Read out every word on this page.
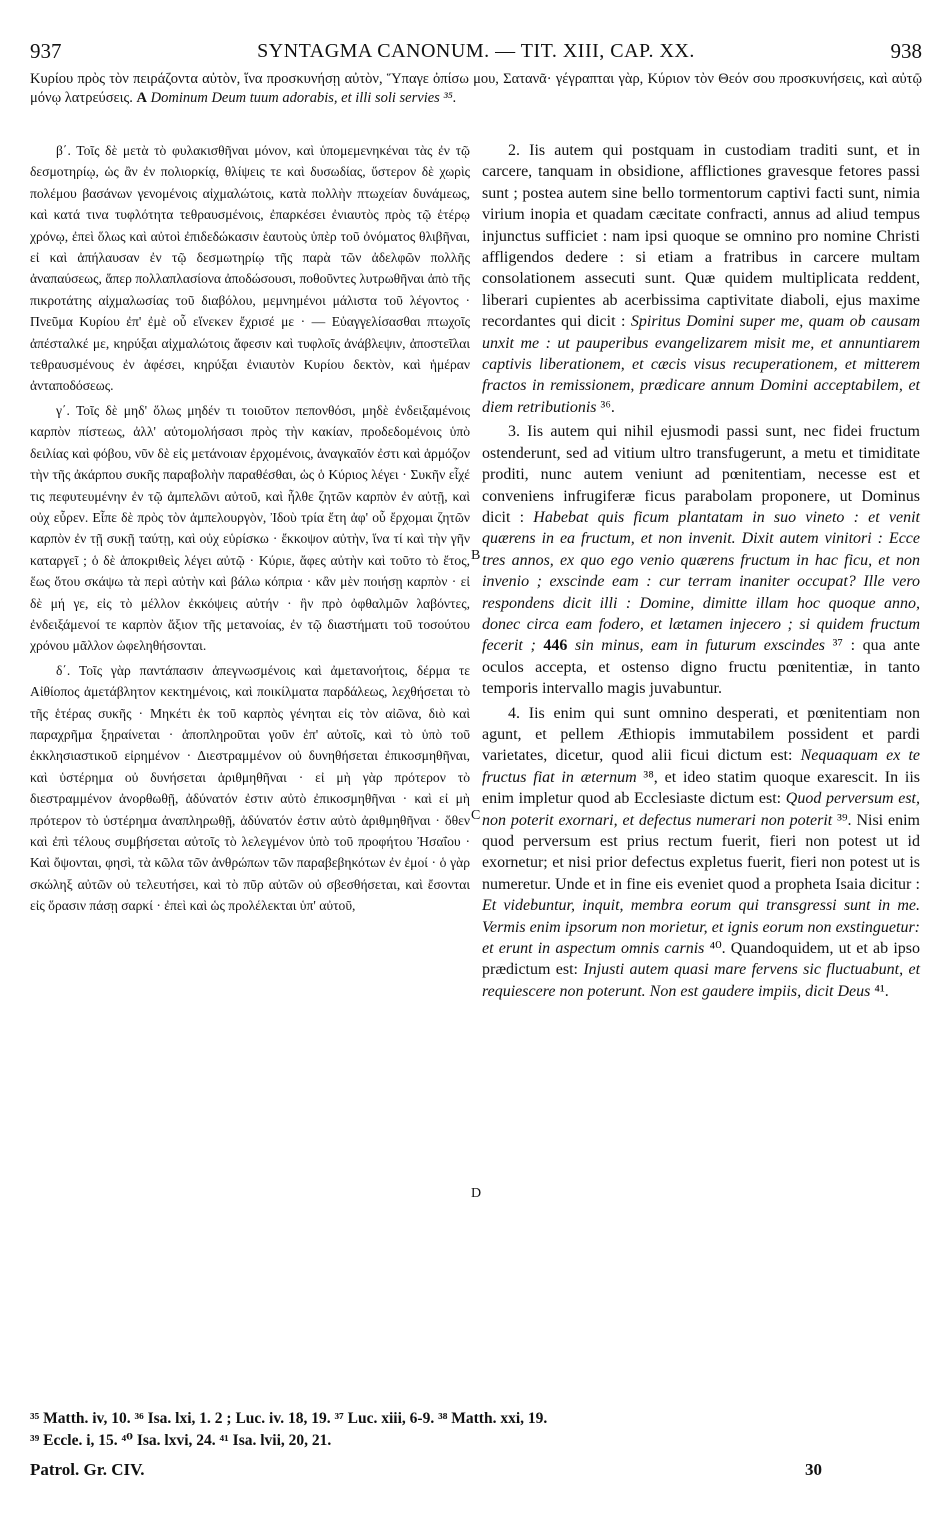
937	SYNTAGMA CANONUM. — TIT. XIII, CAP. XX.	938
Κυρίου πρὸς τὸν πειράζοντα αὐτὸν, ἵνα προσκυνήσῃ αὐτὸν, Ὕπαγε ὀπίσω μου, Σατανᾶ· γέγραπται γὰρ, Κύριον τὸν Θεόν σου προσκυνήσεις, καὶ αὐτῷ μόνῳ λατρεύσεις. A Dominum Deum tuum adorabis, et illi soli servies ³⁵.

β΄. Τοῖς δὲ μετὰ τὸ φυλακισθῆναι μόνον, καὶ ὑπομεμενηκέναι τὰς ἐν τῷ δεσμοτηρίῳ, ὡς ἂν ἐν πολιορκίᾳ, θλίψεις τε καὶ δυσωδίας, ὕστερον δὲ χωρὶς πολέμου βασάνων γενομένοις αἰχμαλώτοις, κατὰ πολλὴν πτωχείαν δυνάμεως, καὶ κατά τινα τυφλότητα τεθραυσμένοις, ἐπαρκέσει ἐνιαυτὸς πρὸς τῷ ἑτέρῳ χρόνῳ, ἐπεὶ ὅλως καὶ αὐτοὶ ἐπιδεδώκασιν ἑαυτοὺς ὑπὲρ τοῦ ὀνόματος θλιβῆναι, εἰ καὶ ἀπήλαυσαν ἐν τῷ δεσμωτηρίῳ τῆς παρὰ τῶν ἀδελφῶν πολλῆς ἀναπαύσεως, ἅπερ πολλαπλασίονα ἀποδώσουσι, ποθοῦντες λυτρωθῆναι ἀπὸ τῆς πικροτάτης αἰχμαλωσίας τοῦ διαβόλου, μεμνημένοι μάλιστα τοῦ λέγοντος · Πνεῦμα Κυρίου ἐπ' ἐμὲ οὗ εἵνεκεν ἔχρισέ με · — Εὐαγγελίσασθαι πτωχοῖς ἀπέσταλκέ με, κηρύξαι αἰχμαλώτοις ἄφεσιν καὶ τυφλοῖς ἀνάβλεψιν, ἀποστεῖλαι τεθραυσμένους ἐν ἀφέσει, κηρύξαι ἐνιαυτὸν Κυρίου δεκτὸν, καὶ ἡμέραν ἀνταποδόσεως.

γ΄. Τοῖς δὲ μηδ' ὅλως μηδέν τι τοιοῦτον πεπονθόσι, μηδὲ ἐνδειξαμένοις καρπὸν πίστεως, ἀλλ' αὐτομολήσασι πρὸς τὴν κακίαν, προδεδομένοις ὑπὸ δειλίας καὶ φόβου, νῦν δὲ εἰς μετάνοιαν ἐρχομένοις, ἀναγκαῖόν ἐστι καὶ ἁρμόζον τὴν τῆς ἀκάρπου συκῆς παραβολὴν παραθέσθαι, ὡς ὁ Κύριος λέγει · Συκῆν εἶχέ τις πεφυτευμένην ἐν τῷ ἀμπελῶνι αὐτοῦ, καὶ ἦλθε ζητῶν καρπὸν ἐν αὐτῇ, καὶ οὐχ εὗρεν. Εἶπε δὲ πρὸς τὸν ἀμπελουργὸν, Ἰδοὺ τρία ἔτη ἀφ' οὗ ἔρχομαι ζητῶν καρπὸν ἐν τῇ συκῇ ταύτῃ, καὶ οὐχ εὑρίσκω · ἔκκοψον αὐτὴν, ἵνα τί καὶ τὴν γῆν καταργεῖ ; ὁ δὲ ἀποκριθεὶς λέγει αὐτῷ · Κύριε, ἄφες αὐτὴν καὶ τοῦτο τὸ ἔτος, ἕως ὅτου σκάψω τὰ περὶ αὐτὴν καὶ βάλω κόπρια · κἂν μὲν ποιήσῃ καρπὸν · εἰ δὲ μή γε, εἰς τὸ μέλλον ἐκκόψεις αὐτήν · ἣν πρὸ ὀφθαλμῶν λαβόντες, ἐνδειξάμενοί τε καρπὸν ἄξιον τῆς μετανοίας, ἐν τῷ διαστήματι τοῦ τοσούτου χρόνου μᾶλλον ὠφεληθήσονται.

δ΄. Τοῖς γὰρ παντάπασιν ἀπεγνωσμένοις καὶ ἀμετανοήτοις, δέρμα τε Αἰθίοπος ἀμετάβλητον κεκτημένοις, καὶ ποικίλματα παρδάλεως, λεχθήσεται τὸ τῆς ἑτέρας συκῆς · Μηκέτι ἐκ τοῦ καρπὸς γένηται εἰς τὸν αἰῶνα, διὸ καὶ παραχρῆμα ξηραίνεται · ἀποπληροῦται γοῦν ἐπ' αὐτοῖς, καὶ τὸ ὑπὸ τοῦ ἐκκλησιαστικοῦ εἰρημένον · Διεστραμμένον οὐ δυνηθήσεται ἐπικοσμηθῆναι, καὶ ὑστέρημα οὐ δυνήσεται ἀριθμηθῆναι · εἰ μὴ γὰρ πρότερον τὸ διεστραμμένον ἀνορθωθῇ, ἀδύνατόν ἐστιν αὐτὸ ἐπικοσμηθῆναι · καὶ εἰ μὴ πρότερον τὸ ὑστέρημα ἀναπληρωθῇ, ἀδύνατόν ἐστιν αὐτὸ ἀριθμηθῆναι · ὅθεν καὶ ἐπὶ τέλους συμβήσεται αὐτοῖς τὸ λελεγμένον ὑπὸ τοῦ προφήτου Ἠσαΐου · Καὶ ὄψονται, φησὶ, τὰ κῶλα τῶν ἀνθρώπων τῶν παραβεβηκότων ἐν ἐμοί · ὁ γὰρ σκώληξ αὐτῶν οὐ τελευτήσει, καὶ τὸ πῦρ αὐτῶν οὐ σβεσθήσεται, καὶ ἔσονται εἰς ὅρασιν πάσῃ σαρκί · ἐπεὶ καὶ ὡς προλέλεκται ὑπ' αὐτοῦ,

B
C
D

2. Iis autem qui postquam in custodiam traditi sunt, et in carcere, tanquam in obsidione, afflictiones gravesque fetores passi sunt ; postea autem sine bello tormentorum captivi facti sunt, nimia virium inopia et quadam cæcitate confracti, annus ad aliud tempus injunctus sufficiet : nam ipsi quoque se omnino pro nomine Christi affligendos dedere : si etiam a fratribus in carcere multam consolationem assecuti sunt. Quæ quidem multiplicata reddent, liberari cupientes ab acerbissima captivitate diaboli, ejus maxime recordantes qui dicit : Spiritus Domini super me, quam ob causam unxit me : ut pauperibus evangelizarem misit me, et annuntiarem captivis liberationem, et cæcis visus recuperationem, et mitterem fractos in remissionem, prædicare annum Domini acceptabilem, et diem retributionis ³⁶.

3. Iis autem qui nihil ejusmodi passi sunt, nec fidei fructum ostenderunt, sed ad vitium ultro transfugerunt, a metu et timiditate proditi, nunc autem veniunt ad pœnitentiam, necesse est et conveniens infrugiferæ ficus parabolam proponere, ut Dominus dicit : Habebat quis ficum plantatam in suo vineto : et venit quærens in ea fructum, et non invenit. Dixit autem vinitori : Ecce tres annos, ex quo ego venio quærens fructum in hac ficu, et non invenio ; exscinde eam : cur terram inaniter occupat? Ille vero respondens dicit illi : Domine, dimitte illam hoc quoque anno, donec circa eam fodero, et lætamen injecero ; si quidem fructum fecerit ; 446 sin minus, eam in futurum exscindes ³⁷ : qua ante oculos accepta, et ostenso digno fructu pœnitentiæ, in tanto temporis intervallo magis juvabuntur.

4. Iis enim qui sunt omnino desperati, et pœnitentiam non agunt, et pellem Æthiopis immutabilem possident et pardi varietates, dicetur, quod alii ficui dictum est: Nequaquam ex te fructus fiat in æternum ³⁸, et ideo statim quoque exarescit. In iis enim impletur quod ab Ecclesiaste dictum est: Quod perversum est, non poterit exornari, et defectus numerari non poterit ³⁹. Nisi enim quod perversum est prius rectum fuerit, fieri non potest ut id exornetur; et nisi prior defectus expletus fuerit, fieri non potest ut is numeretur. Unde et in fine eis eveniet quod a propheta Isaia dicitur : Et videbuntur, inquit, membra eorum qui transgressi sunt in me. Vermis enim ipsorum non morietur, et ignis eorum non exstinguetur: et erunt in aspectum omnis carnis ⁴⁰. Quandoquidem, ut et ab ipso prædictum est: Injusti autem quasi mare fervens sic fluctuabunt, et requiescere non poterunt. Non est gaudere impiis, dicit Deus ⁴¹.

³⁵ Matth. iv, 10. ³⁶ Isa. lxi, 1. 2 ; Luc. iv. 18, 19. ³⁷ Luc. xiii, 6-9. ³⁸ Matth. xxi, 19.
³⁹ Eccle. i, 15. ⁴⁰ Isa. lxvi, 24. ⁴¹ Isa. lvii, 20, 21.
Patrol. Gr. CIV.	30
